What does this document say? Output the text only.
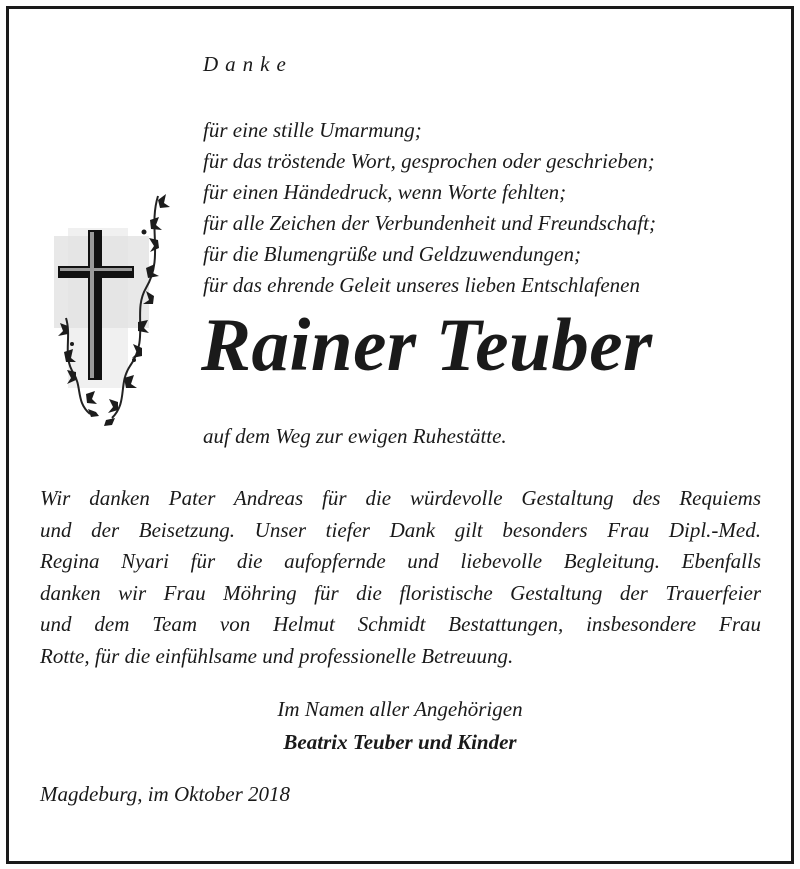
Danke
für eine stille Umarmung;
für das tröstende Wort, gesprochen oder geschrieben;
für einen Händedruck, wenn Worte fehlten;
für alle Zeichen der Verbundenheit und Freundschaft;
für die Blumengrüße und Geldzuwendungen;
für das ehrende Geleit unseres lieben Entschlafenen
Rainer Teuber
auf dem Weg zur ewigen Ruhestätte.

Wir danken Pater Andreas für die würdevolle Gestaltung des Requiems

und der Beisetzung. Unser tiefer Dank gilt besonders Frau Dipl.-Med.

Regina Nyari für die aufopfernde und liebevolle Begleitung. Ebenfalls

danken wir Frau Möhring für die floristische Gestaltung der Trauerfeier

und dem Team von Helmut Schmidt Bestattungen, insbesondere Frau

Rotte, für die einfühlsame und professionelle Betreuung.

Im Namen aller Angehörigen
Beatrix Teuber und Kinder
Magdeburg, im Oktober 2018
